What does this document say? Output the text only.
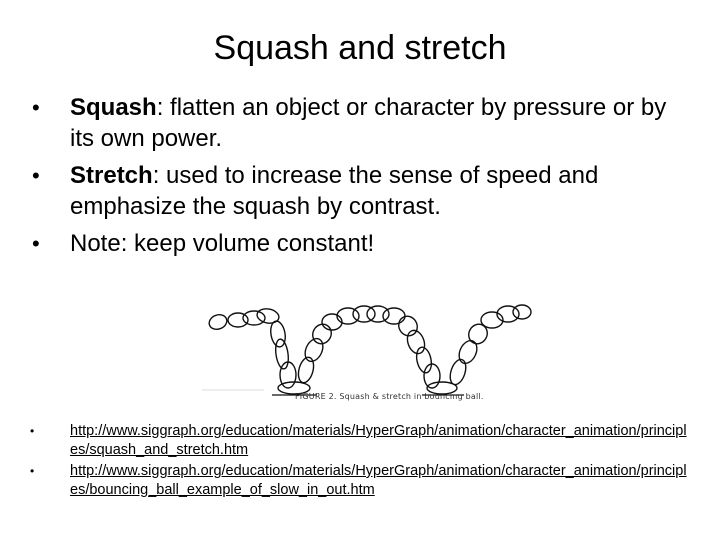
Squash and stretch
• Squash: flatten an object or character by pressure or by its own power.
• Stretch: used to increase the sense of speed and emphasize the squash by contrast.
• Note: keep volume constant!
FIGURE 2. Squash & stretch in bouncing ball.
• http://www.siggraph.org/education/materials/HyperGraph/animation/character_animation/principles/squash_and_stretch.htm
• http://www.siggraph.org/education/materials/HyperGraph/animation/character_animation/principles/bouncing_ball_example_of_slow_in_out.htm
